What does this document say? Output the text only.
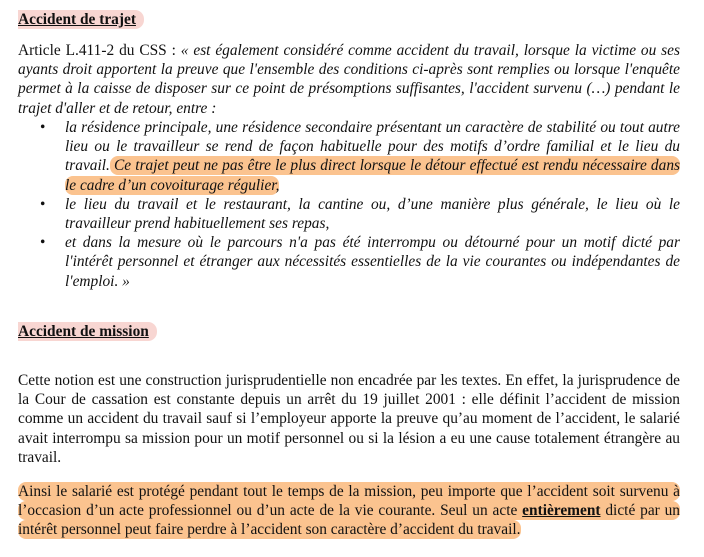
Accident de trajet
Article L.411-2 du CSS : « est également considéré comme accident du travail, lorsque la victime ou ses ayants droit apportent la preuve que l'ensemble des conditions ci-après sont remplies ou lorsque l'enquête permet à la caisse de disposer sur ce point de présomptions suffisantes, l'accident survenu (…) pendant le trajet d'aller et de retour, entre :
• la résidence principale, une résidence secondaire présentant un caractère de stabilité ou tout autre lieu ou le travailleur se rend de façon habituelle pour des motifs d’ordre familial et le lieu du travail. Ce trajet peut ne pas être le plus direct lorsque le détour effectué est rendu nécessaire dans le cadre d’un covoiturage régulier,
• le lieu du travail et le restaurant, la cantine ou, d’une manière plus générale, le lieu où le travailleur prend habituellement ses repas,
• et dans la mesure où le parcours n'a pas été interrompu ou détourné pour un motif dicté par l'intérêt personnel et étranger aux nécessités essentielles de la vie courantes ou indépendantes de l'emploi. »
Accident de mission
Cette notion est une construction jurisprudentielle non encadrée par les textes. En effet, la jurisprudence de la Cour de cassation est constante depuis un arrêt du 19 juillet 2001 : elle définit l’accident de mission comme un accident du travail sauf si l’employeur apporte la preuve qu’au moment de l’accident, le salarié avait interrompu sa mission pour un motif personnel ou si la lésion a eu une cause totalement étrangère au travail.
Ainsi le salarié est protégé pendant tout le temps de la mission, peu importe que l’accident soit survenu à l’occasion d’un acte professionnel ou d’un acte de la vie courante. Seul un acte entièrement dicté par un intérêt personnel peut faire perdre à l’accident son caractère d’accident du travail.
